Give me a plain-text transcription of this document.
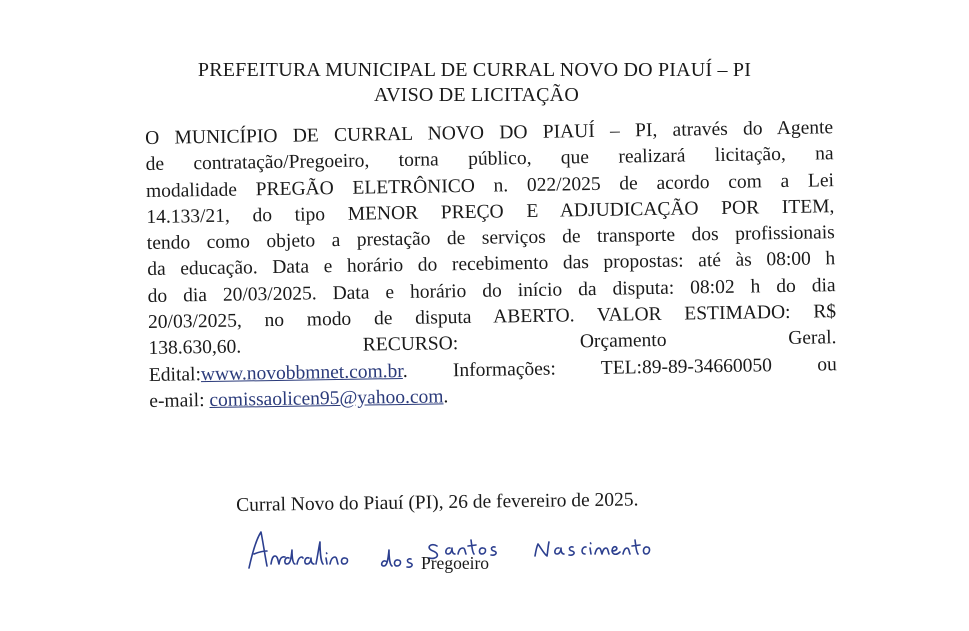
PREFEITURA MUNICIPAL DE CURRAL NOVO DO PIAUÍ – PI
AVISO DE LICITAÇÃO
O MUNICÍPIO DE CURRAL NOVO DO PIAUÍ – PI, através do Agente
de contratação/Pregoeiro, torna público, que realizará licitação, na
modalidade PREGÃO ELETRÔNICO n. 022/2025 de acordo com a Lei
14.133/21, do tipo MENOR PREÇO E ADJUDICAÇÃO POR ITEM,
tendo como objeto a prestação de serviços de transporte dos profissionais
da educação. Data e horário do recebimento das propostas: até às 08:00 h
do dia 20/03/2025. Data e horário do início da disputa: 08:02 h do dia
20/03/2025, no modo de disputa ABERTO. VALOR ESTIMADO: R$
138.630,60. RECURSO: Orçamento Geral.
Edital:www.novobbmnet.com.br. Informações: TEL:89-89-34660050 ou
e-mail: comissaolicen95@yahoo.com.
Curral Novo do Piauí (PI), 26 de fevereiro de 2025.
Pregoeiro
